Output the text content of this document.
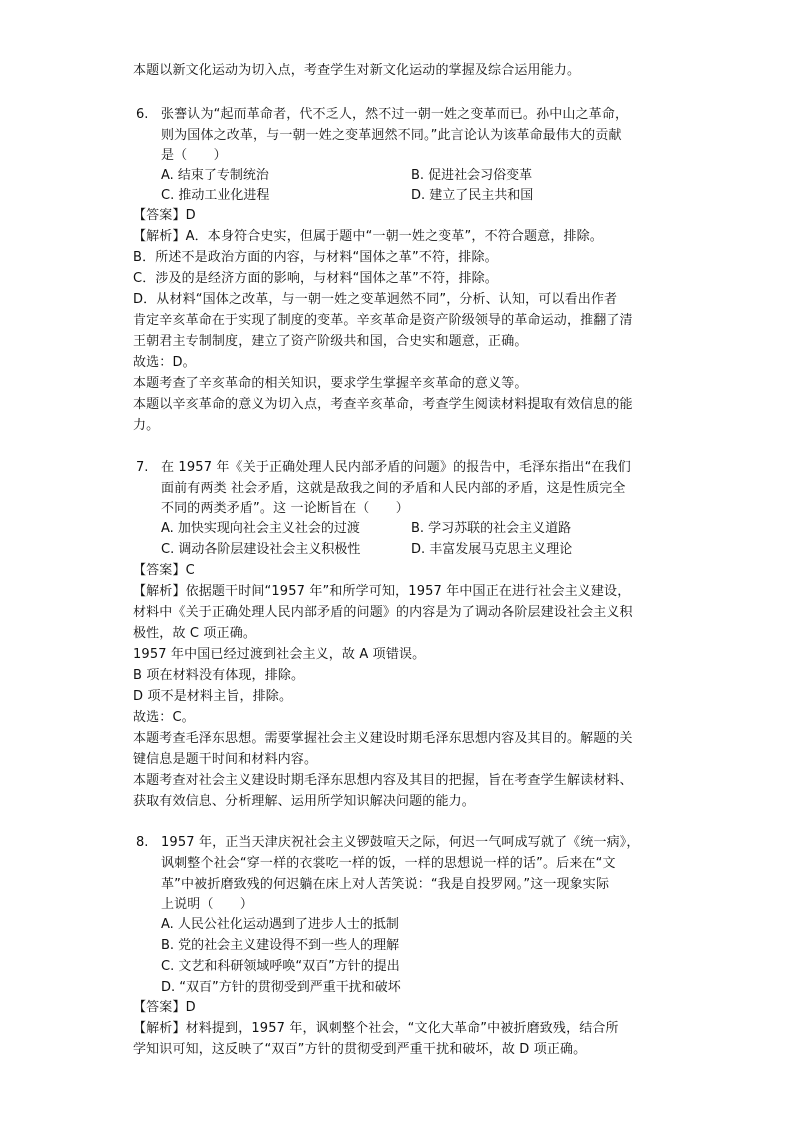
本题以新文化运动为切入点，考查学生对新文化运动的掌握及综合运用能力。
6. 张謇认为“起而革命者，代不乏人，然不过一朝一姓之变革而已。孙中山之革命，
则为国体之改革，与一朝一姓之变革迥然不同。”此言论认为该革命最伟大的贡献
是（　　）
A. 结束了专制统治	B. 促进社会习俗变革
C. 推动工业化进程	D. 建立了民主共和国
【答案】D
【解析】A．本身符合史实，但属于题中“一朝一姓之变革”，不符合题意，排除。
B．所述不是政治方面的内容，与材料“国体之革”不符，排除。
C．涉及的是经济方面的影响，与材料“国体之革”不符，排除。
D．从材料“国体之改革，与一朝一姓之变革迥然不同”，分析、认知，可以看出作者
肯定辛亥革命在于实现了制度的变革。辛亥革命是资产阶级领导的革命运动，推翻了清
王朝君主专制制度，建立了资产阶级共和国，合史实和题意，正确。
故选：D。
本题考查了辛亥革命的相关知识，要求学生掌握辛亥革命的意义等。
本题以辛亥革命的意义为切入点，考查辛亥革命，考查学生阅读材料提取有效信息的能
力。
7. 在 1957 年《关于正确处理人民内部矛盾的问题》的报告中，毛泽东指出“在我们
面前有两类 社会矛盾，这就是敌我之间的矛盾和人民内部的矛盾，这是性质完全
不同的两类矛盾”。这 一论断旨在（　　）
A. 加快实现向社会主义社会的过渡	B. 学习苏联的社会主义道路
C. 调动各阶层建设社会主义积极性	D. 丰富发展马克思主义理论
【答案】C
【解析】依据题干时间“1957 年”和所学可知，1957 年中国正在进行社会主义建设，
材料中《关于正确处理人民内部矛盾的问题》的内容是为了调动各阶层建设社会主义积
极性，故 C 项正确。
1957 年中国已经过渡到社会主义，故 A 项错误。
B 项在材料没有体现，排除。
D 项不是材料主旨，排除。
故选：C。
本题考查毛泽东思想。需要掌握社会主义建设时期毛泽东思想内容及其目的。解题的关
键信息是题干时间和材料内容。
本题考查对社会主义建设时期毛泽东思想内容及其目的把握，旨在考查学生解读材料、
获取有效信息、分析理解、运用所学知识解决问题的能力。
8. 1957 年，正当天津庆祝社会主义锣鼓喧天之际，何迟一气呵成写就了《统一病》，
讽刺整个社会“穿一样的衣裳吃一样的饭，一样的思想说一样的话”。后来在“文
革”中被折磨致残的何迟躺在床上对人苦笑说：“我是自投罗网。”这一现象实际
上说明（　　）
A. 人民公社化运动遇到了进步人士的抵制
B. 党的社会主义建设得不到一些人的理解
C. 文艺和科研领域呼唤“双百”方针的提出
D. “双百”方针的贯彻受到严重干扰和破坏
【答案】D
【解析】材料提到，1957 年，讽刺整个社会，“文化大革命”中被折磨致残，结合所
学知识可知，这反映了“双百”方针的贯彻受到严重干扰和破坏，故 D 项正确。
